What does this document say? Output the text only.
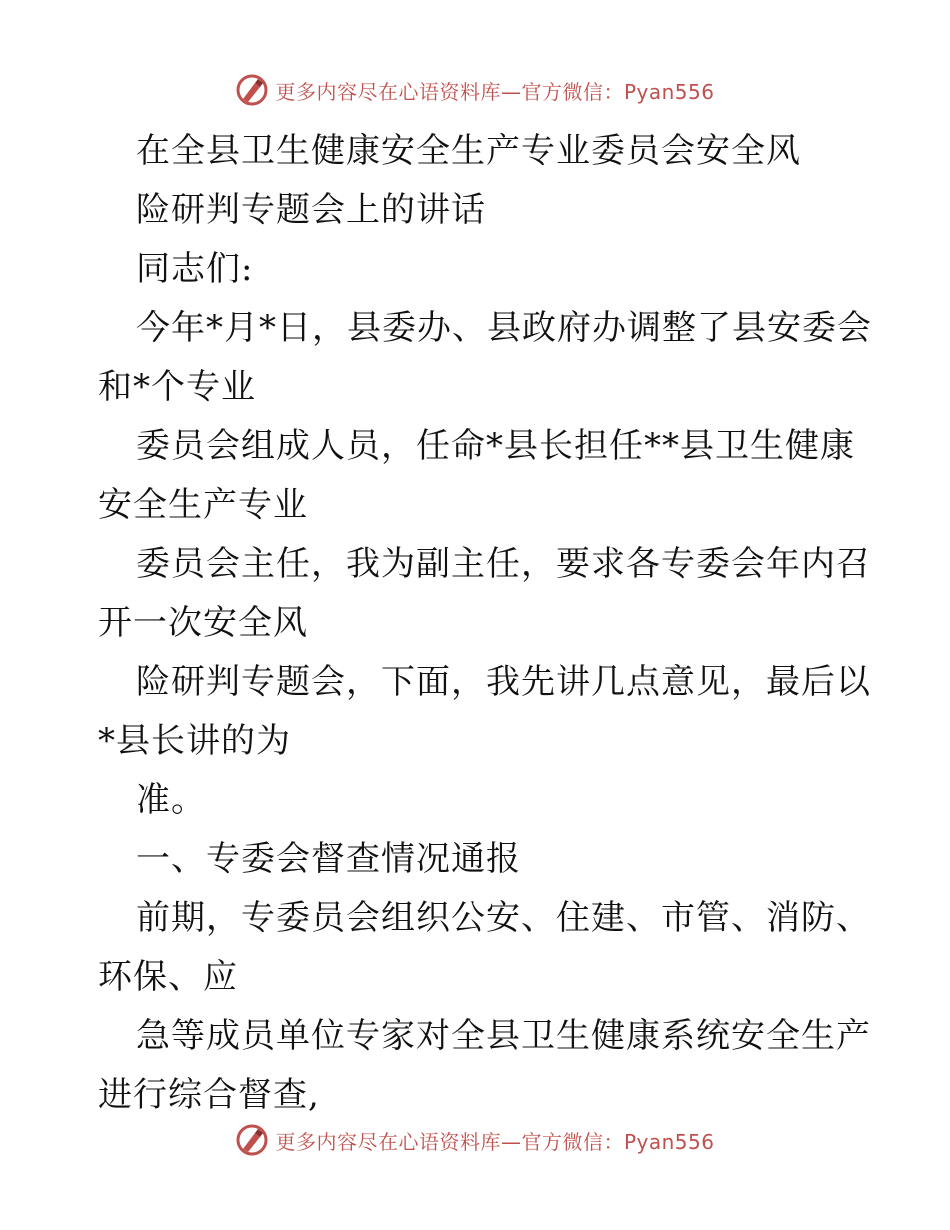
更多内容尽在心语资料库—官方微信：Pyan556
在全县卫生健康安全生产专业委员会安全风
险研判专题会上的讲话
同志们:
今年*月*日，县委办、县政府办调整了县安委会
和*个专业
委员会组成人员，任命*县长担任**县卫生健康
安全生产专业
委员会主任，我为副主任，要求各专委会年内召
开一次安全风
险研判专题会，下面，我先讲几点意见，最后以
*县长讲的为
准。
一、专委会督查情况通报
前期，专委员会组织公安、住建、市管、消防、
环保、应
急等成员单位专家对全县卫生健康系统安全生产
进行综合督查,
更多内容尽在心语资料库—官方微信：Pyan556
